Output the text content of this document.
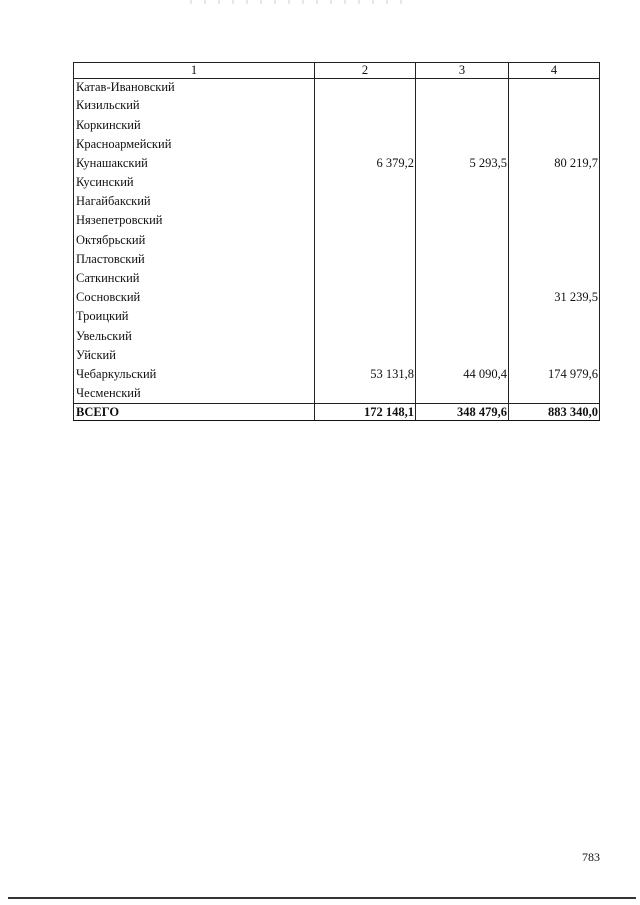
1	2	3	4
Катав-Ивановский			
Кизильский			
Коркинский			
Красноармейский			
Кунашакский	6 379,2	5 293,5	80 219,7
Кусинский			
Нагайбакский			
Нязепетровский			
Октябрьский			
Пластовский			
Саткинский			
Сосновский			31 239,5
Троицкий			
Увельский			
Уйский			
Чебаркульский	53 131,8	44 090,4	174 979,6
Чесменский			
ВСЕГО	172 148,1	348 479,6	883 340,0
783
